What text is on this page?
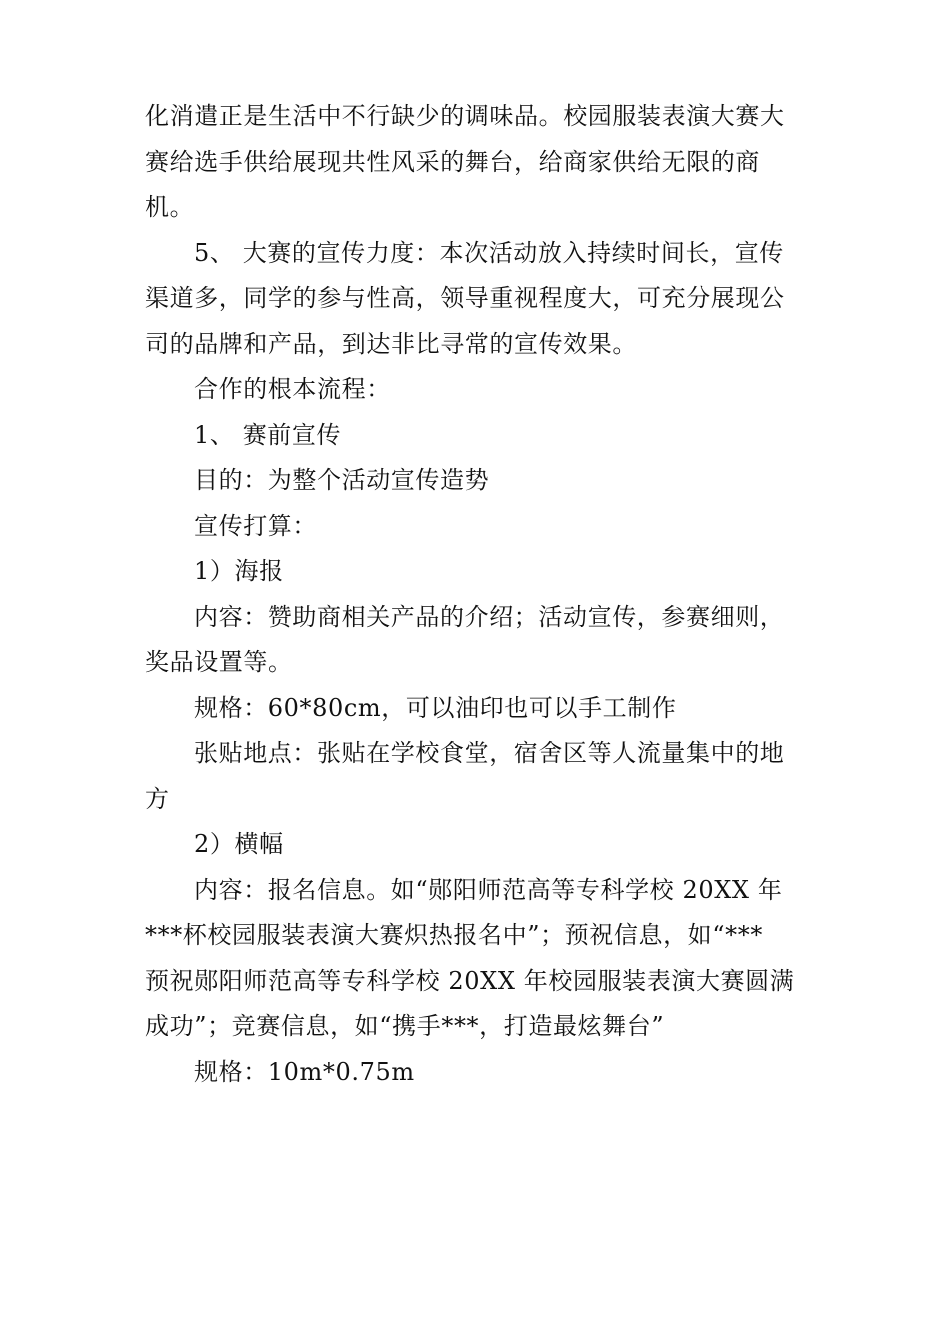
化消遣正是生活中不行缺少的调味品。校园服装表演大赛大
赛给选手供给展现共性风采的舞台，给商家供给无限的商
机。

5、 大赛的宣传力度：本次活动放入持续时间长，宣传
渠道多，同学的参与性高，领导重视程度大，可充分展现公
司的品牌和产品，到达非比寻常的宣传效果。

合作的根本流程：

1、 赛前宣传

目的：为整个活动宣传造势

宣传打算：

1）海报

内容：赞助商相关产品的介绍；活动宣传，参赛细则，
奖品设置等。

规格：60*80cm，可以油印也可以手工制作

张贴地点：张贴在学校食堂，宿舍区等人流量集中的地
方

2）横幅

内容：报名信息。如“郧阳师范高等专科学校 20XX 年
***杯校园服装表演大赛炽热报名中”；预祝信息，如“***
预祝郧阳师范高等专科学校 20XX 年校园服装表演大赛圆满
成功”；竞赛信息，如“携手***，打造最炫舞台”

规格：10m*0.75m
